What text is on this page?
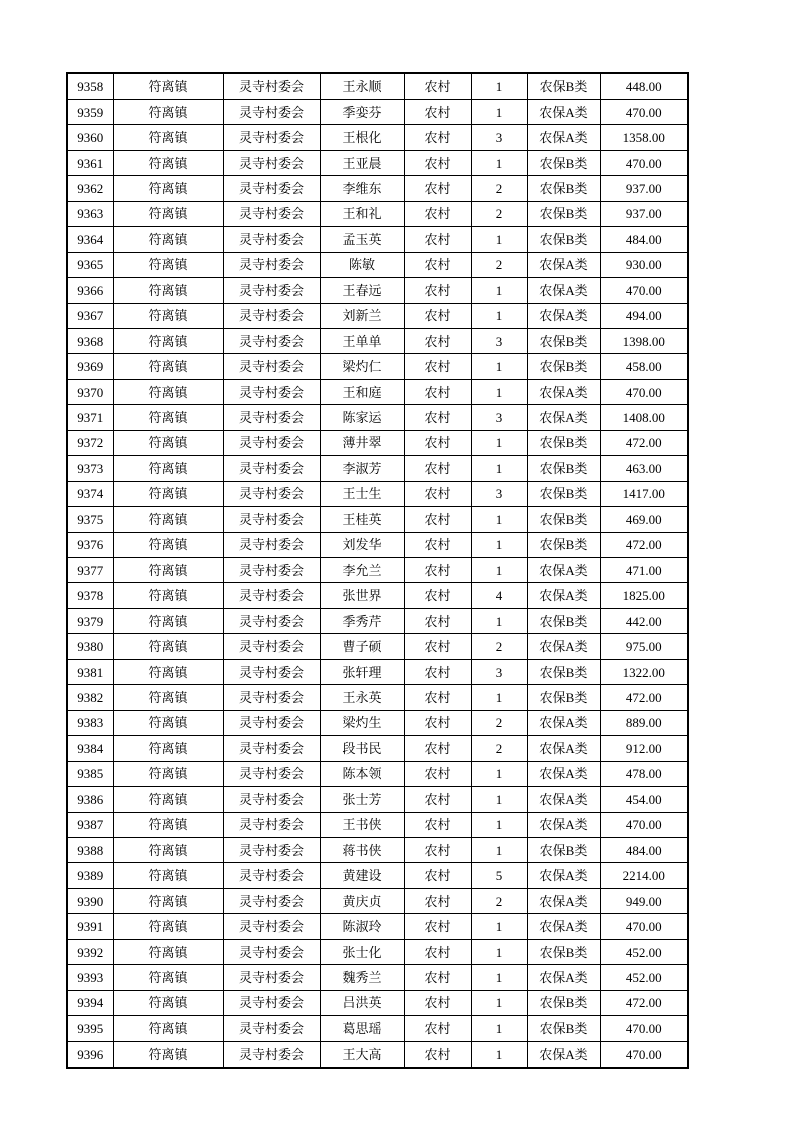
9358	符离镇	灵寺村委会	王永顺	农村	1	农保B类	448.00
9359	符离镇	灵寺村委会	季娈芬	农村	1	农保A类	470.00
9360	符离镇	灵寺村委会	王根化	农村	3	农保A类	1358.00
9361	符离镇	灵寺村委会	王亚晨	农村	1	农保B类	470.00
9362	符离镇	灵寺村委会	李维东	农村	2	农保B类	937.00
9363	符离镇	灵寺村委会	王和礼	农村	2	农保B类	937.00
9364	符离镇	灵寺村委会	孟玉英	农村	1	农保B类	484.00
9365	符离镇	灵寺村委会	陈敏	农村	2	农保A类	930.00
9366	符离镇	灵寺村委会	王春远	农村	1	农保A类	470.00
9367	符离镇	灵寺村委会	刘新兰	农村	1	农保A类	494.00
9368	符离镇	灵寺村委会	王单单	农村	3	农保B类	1398.00
9369	符离镇	灵寺村委会	梁灼仁	农村	1	农保B类	458.00
9370	符离镇	灵寺村委会	王和庭	农村	1	农保A类	470.00
9371	符离镇	灵寺村委会	陈家运	农村	3	农保A类	1408.00
9372	符离镇	灵寺村委会	薄井翠	农村	1	农保B类	472.00
9373	符离镇	灵寺村委会	李淑芳	农村	1	农保B类	463.00
9374	符离镇	灵寺村委会	王士生	农村	3	农保B类	1417.00
9375	符离镇	灵寺村委会	王桂英	农村	1	农保B类	469.00
9376	符离镇	灵寺村委会	刘发华	农村	1	农保B类	472.00
9377	符离镇	灵寺村委会	李允兰	农村	1	农保A类	471.00
9378	符离镇	灵寺村委会	张世界	农村	4	农保A类	1825.00
9379	符离镇	灵寺村委会	季秀芹	农村	1	农保B类	442.00
9380	符离镇	灵寺村委会	曹子硕	农村	2	农保A类	975.00
9381	符离镇	灵寺村委会	张轩理	农村	3	农保B类	1322.00
9382	符离镇	灵寺村委会	王永英	农村	1	农保B类	472.00
9383	符离镇	灵寺村委会	梁灼生	农村	2	农保A类	889.00
9384	符离镇	灵寺村委会	段书民	农村	2	农保A类	912.00
9385	符离镇	灵寺村委会	陈本领	农村	1	农保A类	478.00
9386	符离镇	灵寺村委会	张士芳	农村	1	农保A类	454.00
9387	符离镇	灵寺村委会	王书侠	农村	1	农保A类	470.00
9388	符离镇	灵寺村委会	蒋书侠	农村	1	农保B类	484.00
9389	符离镇	灵寺村委会	黄建设	农村	5	农保A类	2214.00
9390	符离镇	灵寺村委会	黄庆贞	农村	2	农保A类	949.00
9391	符离镇	灵寺村委会	陈淑玲	农村	1	农保A类	470.00
9392	符离镇	灵寺村委会	张士化	农村	1	农保B类	452.00
9393	符离镇	灵寺村委会	魏秀兰	农村	1	农保A类	452.00
9394	符离镇	灵寺村委会	吕洪英	农村	1	农保B类	472.00
9395	符离镇	灵寺村委会	葛思瑶	农村	1	农保B类	470.00
9396	符离镇	灵寺村委会	王大高	农村	1	农保A类	470.00
